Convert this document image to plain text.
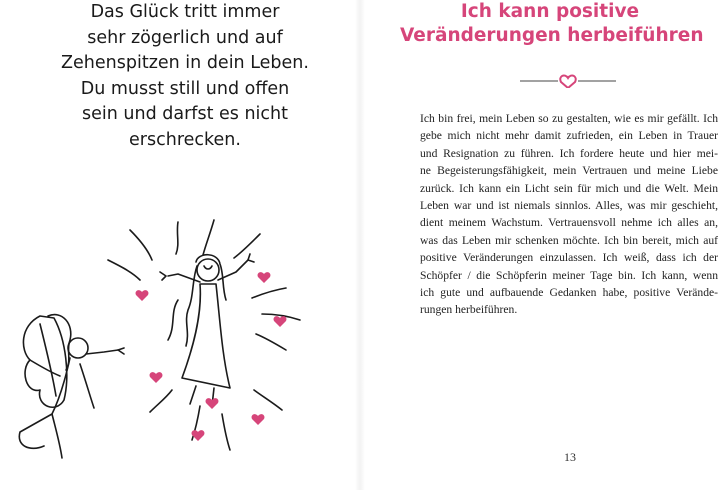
Das Glück tritt immer
sehr zögerlich und auf
Zehenspitzen in dein Leben.
Du musst still und offen
sein und darfst es nicht
erschrecken.
Ich kann positive
Veränderungen herbeiführen
Ich bin frei, mein Leben so zu gestalten, wie es mir gefällt. Ich
gebe mich nicht mehr damit zufrieden, ein Leben in Trauer
und Resignation zu führen. Ich fordere heute und hier mei-
ne Begeisterungsfähigkeit, mein Vertrauen und meine Liebe
zurück. Ich kann ein Licht sein für mich und die Welt. Mein
Leben war und ist niemals sinnlos. Alles, was mir geschieht,
dient meinem Wachstum. Vertrauensvoll nehme ich alles an,
was das Leben mir schenken möchte. Ich bin bereit, mich auf
positive Veränderungen einzulassen. Ich weiß, dass ich der
Schöpfer / die Schöpferin meiner Tage bin. Ich kann, wenn
ich gute und aufbauende Gedanken habe, positive Verände-
rungen herbeiführen.
13
